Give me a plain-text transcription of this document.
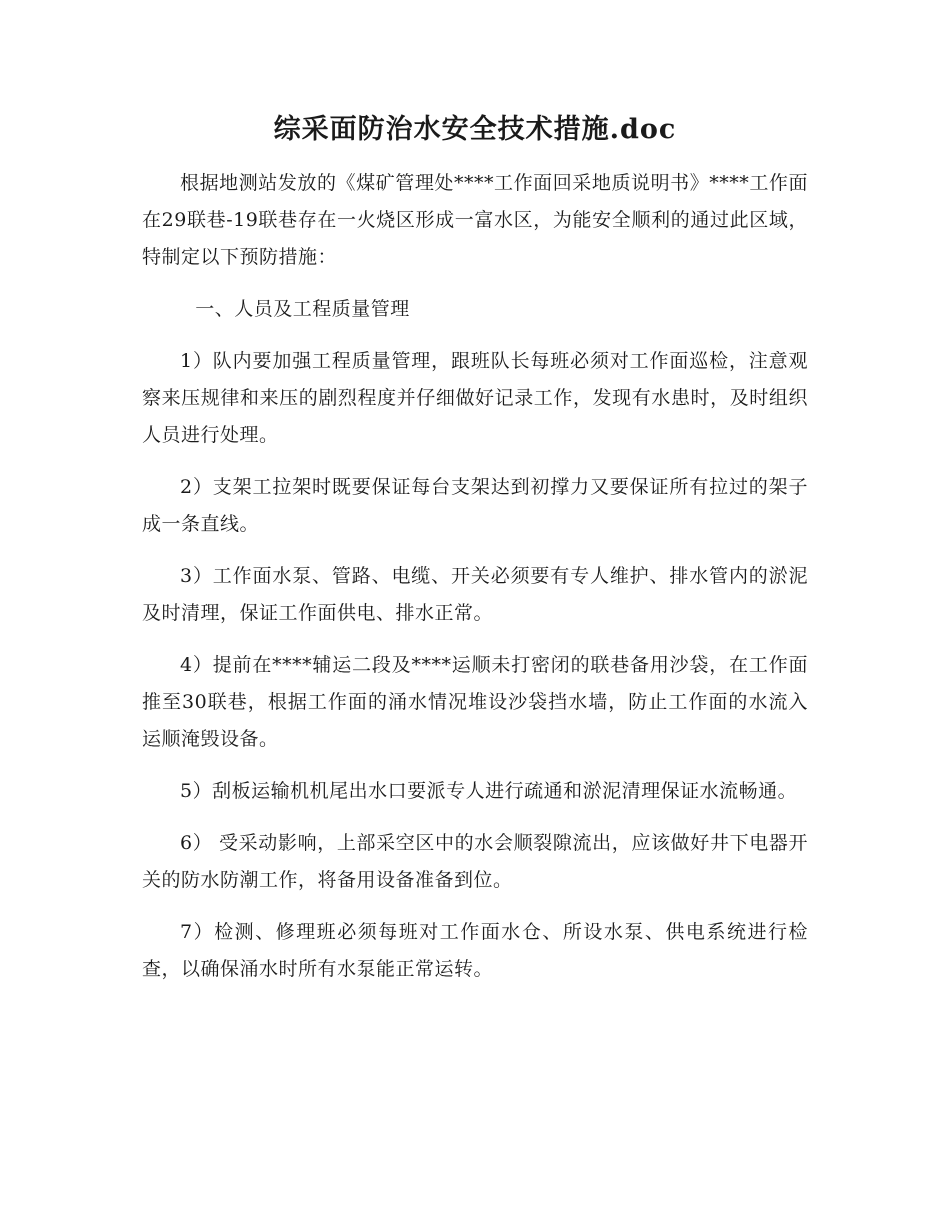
综采面防治水安全技术措施.doc

根据地测站发放的《煤矿管理处****工作面回采地质说明书》****工作面在29联巷-19联巷存在一火烧区形成一富水区，为能安全顺利的通过此区域，特制定以下预防措施：

一、人员及工程质量管理

1）队内要加强工程质量管理，跟班队长每班必须对工作面巡检，注意观察来压规律和来压的剧烈程度并仔细做好记录工作，发现有水患时，及时组织人员进行处理。

2）支架工拉架时既要保证每台支架达到初撑力又要保证所有拉过的架子成一条直线。

3）工作面水泵、管路、电缆、开关必须要有专人维护、排水管内的淤泥及时清理，保证工作面供电、排水正常。

4）提前在****辅运二段及****运顺未打密闭的联巷备用沙袋，在工作面推至30联巷，根据工作面的涌水情况堆设沙袋挡水墙，防止工作面的水流入运顺淹毁设备。

5）刮板运输机机尾出水口要派专人进行疏通和淤泥清理保证水流畅通。

6） 受采动影响，上部采空区中的水会顺裂隙流出，应该做好井下电器开关的防水防潮工作，将备用设备准备到位。

7）检测、修理班必须每班对工作面水仓、所设水泵、供电系统进行检查，以确保涌水时所有水泵能正常运转。
